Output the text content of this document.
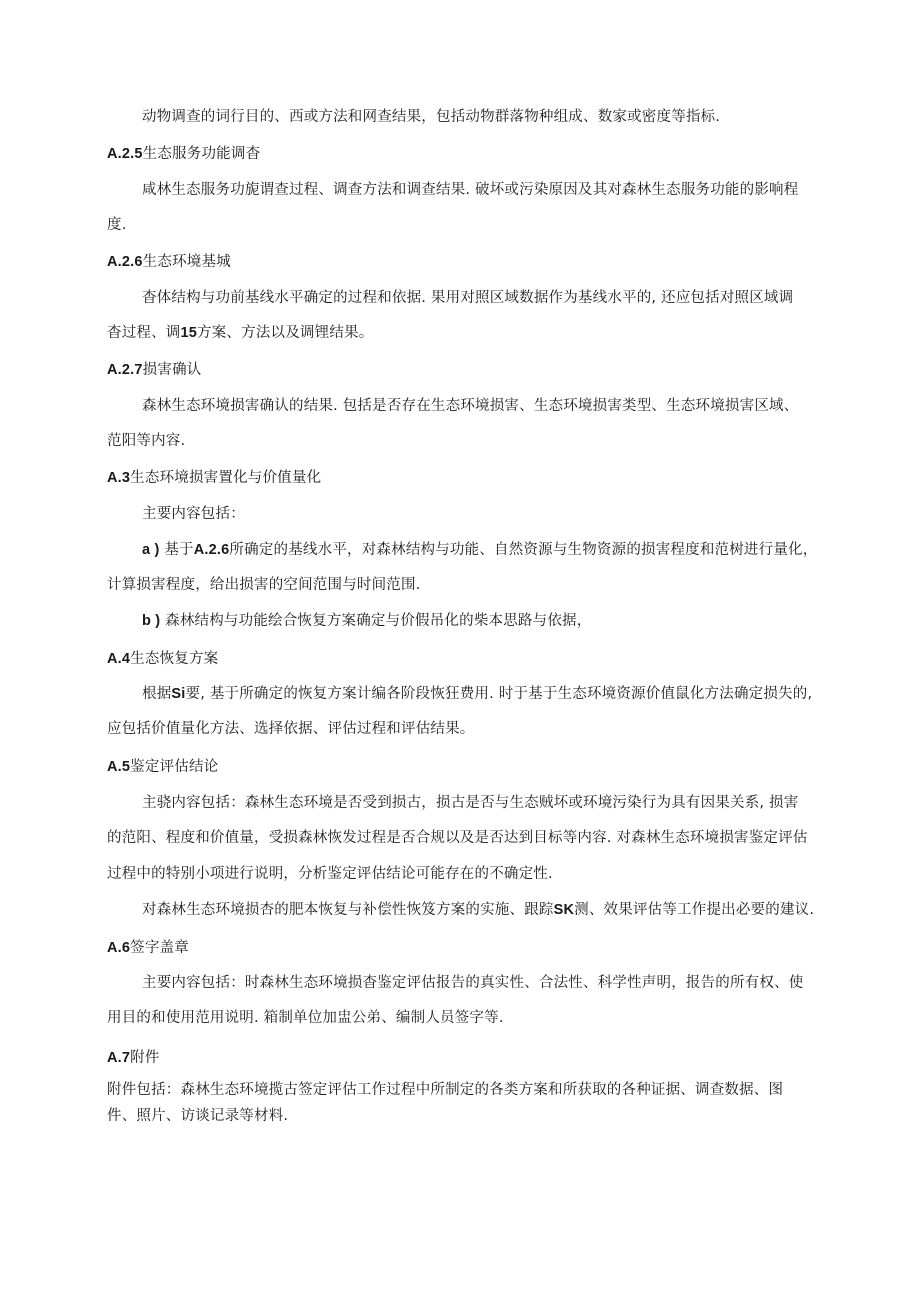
动物调查的词行目的、西或方法和网查结果，包括动物群落物种组成、数家或密度等指标.
A.2.5生态服务功能调杳
咸林生态服务功旎谓查过程、调查方法和调查结果. 破坏或污染原因及其对森林生态服务功能的影响程
度.
A.2.6生态环境基城
杳体结构与功前基线水平确定的过程和依据. 果用对照区域数据作为基线水平的, 还应包括对照区域调
杳过程、调15方案、方法以及调锂结果。
A.2.7损害确认
森林生态环境损害确认的结果. 包括是否存在生态环境损害、生态环境损害类型、生态环境损害区域、
范阳等内容.
A.3生态环境损害置化与价值量化
主要内容包括：
a ) 基于A.2.6所确定的基线水平，对森林结构与功能、自然资源与生物资源的损害程度和范树进行量化，
计算损害程度，给出损害的空间范围与时间范围.
b ) 森林结构与功能绘合恢复方案确定与价假吊化的柴本思路与依据，
A.4生态恢复方案
根据Si要, 基于所确定的恢复方案计编各阶段恢狂费用. 时于基于生态环境资源价值鼠化方法确定损失的,
应包括价值量化方法、选择依据、评估过程和评估结果。
A.5鉴定评估结论
主骁内容包括：森林生态环境是否受到损古，损古是否与生态贼坏或环境污染行为具有因果关系, 损害
的范阳、程度和价值量，受损森林恢发过程是否合规以及是否达到目标等内容. 对森林生态环境损害鉴定评估
过程中的特别小项进行说明，分析鉴定评估结论可能存在的不确定性.
对森林生态环境损杏的肥本恢复与补偿性恢笈方案的实施、跟踪SK测、效果评估等工作提出必要的建议.
A.6签字盖章
主要内容包括：时森林生态环境损杳鉴定评估报告的真实性、合法性、科学性声明，报告的所有权、使
用目的和使用范用说明. 箱制单位加盅公弟、编制人员签字等.
A.7附件
附件包括：森林生态环境揽古签定评估工作过程中所制定的各类方案和所获取的各种证据、调查数据、图
件、照片、访谈记录等材料.
